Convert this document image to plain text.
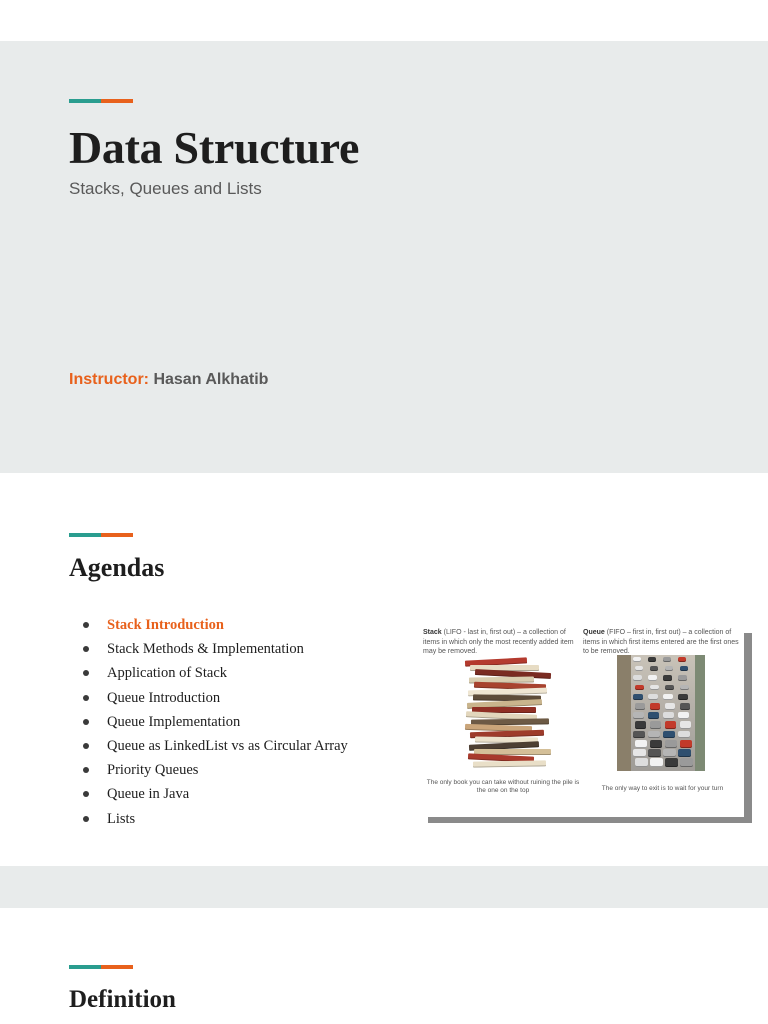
Data Structure

Stacks, Queues and Lists

Instructor: Hasan Alkhatib
Agendas
Stack Introduction
Stack Methods & Implementation
Application of Stack
Queue Introduction
Queue Implementation
Queue as LinkedList vs as Circular Array
Priority Queues
Queue in Java
Lists
Stack (LIFO - last in, first out) – a collection of items in which only the most recently added item may be removed.
Queue (FIFO – first in, first out) – a collection of items in which first items entered are the first ones to be removed.
The only book you can take without ruining the pile is the one on the top	The only way to exit is to wait for your turn
Definition
